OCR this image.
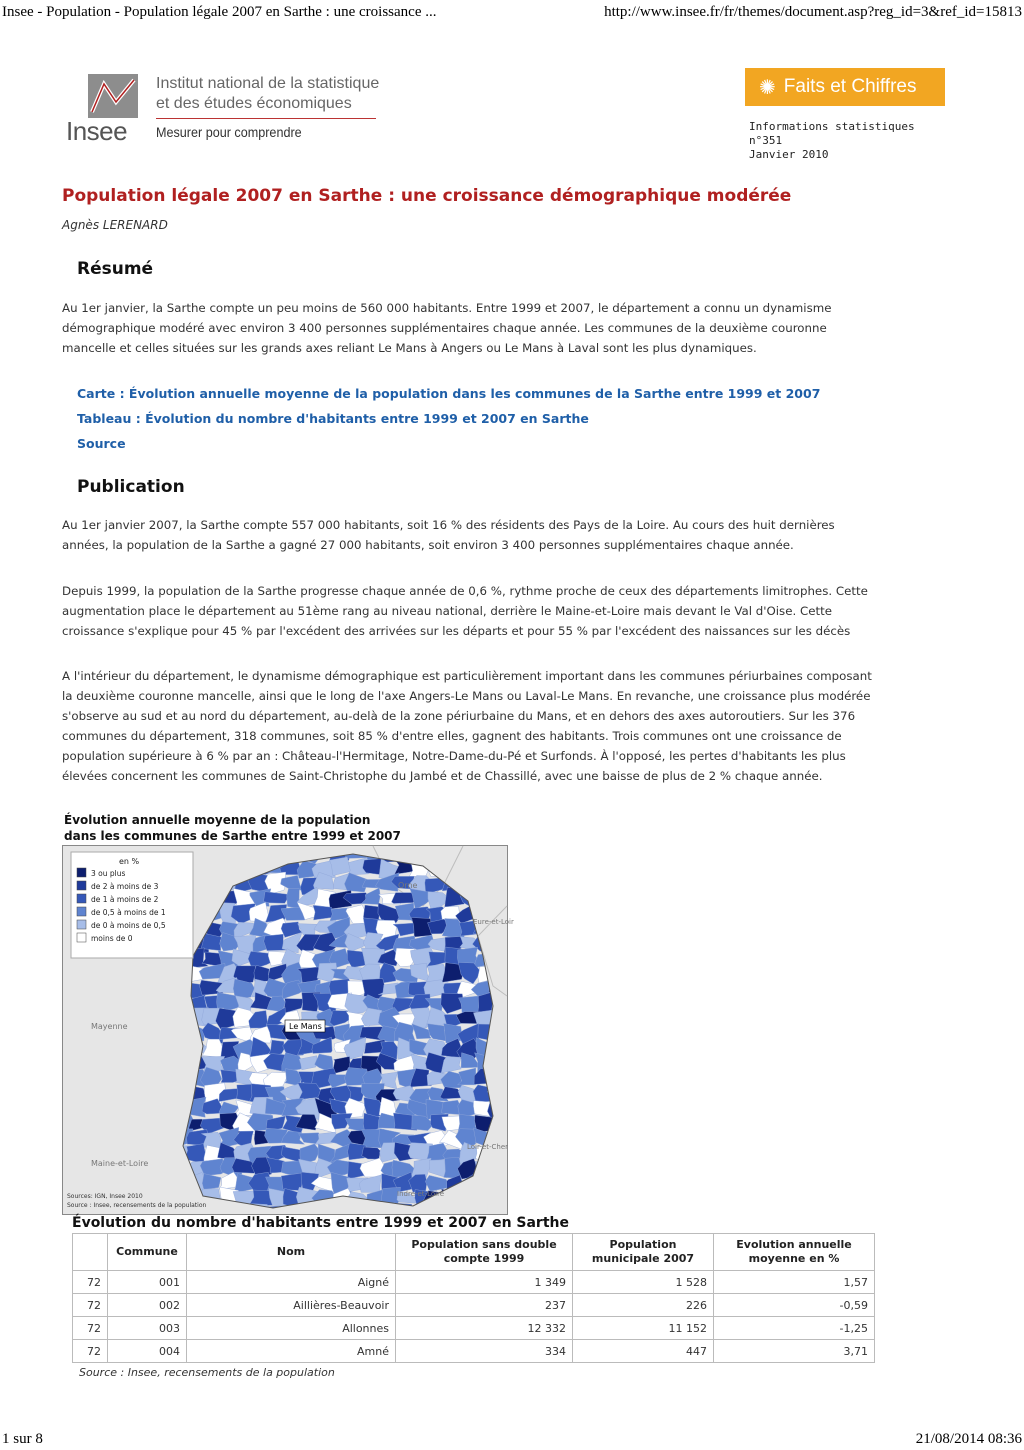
Insee - Population - Population légale 2007 en Sarthe : une croissance ...	http://www.insee.fr/fr/themes/document.asp?reg_id=3&ref_id=15813
Insee
Institut national de la statistique
et des études économiques
Mesurer pour comprendre
✺ Faits et Chiffres
Informations statistiques
n°351
Janvier 2010
Population légale 2007 en Sarthe : une croissance démographique modérée
Agnès LERENARD
Résumé

Au 1er janvier, la Sarthe compte un peu moins de 560 000 habitants. Entre 1999 et 2007, le département a connu un dynamisme démographique modéré avec environ 3 400 personnes supplémentaires chaque année. Les communes de la deuxième couronne mancelle et celles situées sur les grands axes reliant Le Mans à Angers ou Le Mans à Laval sont les plus dynamiques.

Carte : Évolution annuelle moyenne de la population dans les communes de la Sarthe entre 1999 et 2007
Tableau : Évolution du nombre d'habitants entre 1999 et 2007 en Sarthe
Source
Publication

Au 1er janvier 2007, la Sarthe compte 557 000 habitants, soit 16 % des résidents des Pays de la Loire. Au cours des huit dernières années, la population de la Sarthe a gagné 27 000 habitants, soit environ 3 400 personnes supplémentaires chaque année.

Depuis 1999, la population de la Sarthe progresse chaque année de 0,6 %, rythme proche de ceux des départements limitrophes. Cette augmentation place le département au 51ème rang au niveau national, derrière le Maine-et-Loire mais devant le Val d'Oise. Cette croissance s'explique pour 45 % par l'excédent des arrivées sur les départs et pour 55 % par l'excédent des naissances sur les décès

A l'intérieur du département, le dynamisme démographique est particulièrement important dans les communes périurbaines composant la deuxième couronne mancelle, ainsi que le long de l'axe Angers-Le Mans ou Laval-Le Mans. En revanche, une croissance plus modérée s'observe au sud et au nord du département, au-delà de la zone périurbaine du Mans, et en dehors des axes autoroutiers. Sur les 376 communes du département, 318 communes, soit 85 % d'entre elles, gagnent des habitants. Trois communes ont une croissance de population supérieure à 6 % par an : Château-l'Hermitage, Notre-Dame-du-Pé et Surfonds. À l'opposé, les pertes d'habitants les plus élevées concernent les communes de Saint-Christophe du Jambé et de Chassillé, avec une baisse de plus de 2 % chaque année.

Évolution annuelle moyenne de la population
dans les communes de Sarthe entre 1999 et 2007
en %
3 ou plus
de 2 à moins de 3
de 1 à moins de 2
de 0,5 à moins de 1
de 0 à moins de 0,5
moins de 0
Orne
Eure-et-Loir
Mayenne	Le Mans
Loir-et-Cher
Maine-et-Loire
Indre-et-Loire
Sources: IGN, Insee 2010
Source : Insee, recensements de la population
Évolution du nombre d'habitants entre 1999 et 2007 en Sarthe
	Commune	Nom	Population sans double compte 1999	Population municipale 2007	Evolution annuelle moyenne en %
72	001	Aigné	1 349	1 528	1,57
72	002	Aillières-Beauvoir	237	226	-0,59
72	003	Allonnes	12 332	11 152	-1,25
72	004	Amné	334	447	3,71
Source : Insee, recensements de la population
1 sur 8	21/08/2014 08:36
